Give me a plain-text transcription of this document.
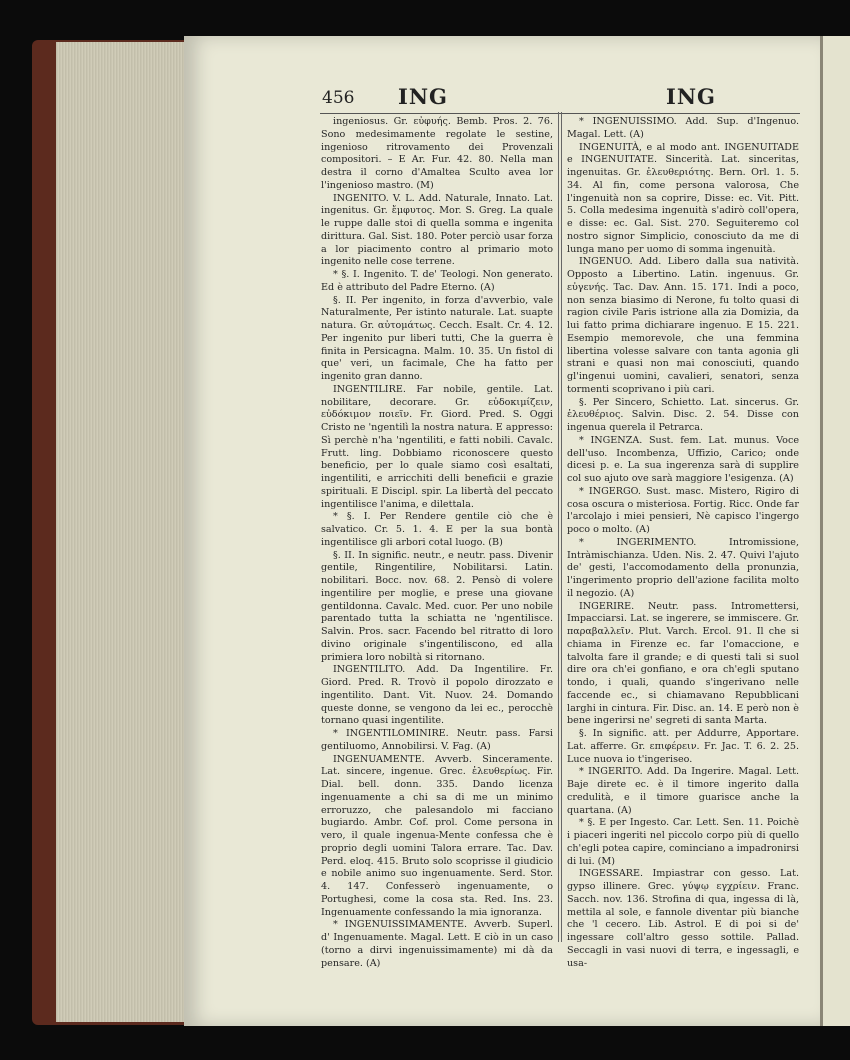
456 ING	ING

ingeniosus. Gr. εὐφυής. Bemb. Pros. 2. 76. Sono medesimamente regolate le sestine, ingenioso ritrovamento dei Provenzali compositori. – E Ar. Fur. 42. 80. Nella man destra il corno d'Amaltea Sculto avea lor l'ingenioso mastro. (M)

INGENITO. V. L. Add. Naturale, Innato. Lat. ingenitus. Gr. ἔμφυτος. Mor. S. Greg. La quale le ruppe dalle stoi di quella somma e ingenita dirittura. Gal. Sist. 180. Poter perciò usar forza a lor piacimento contro al primario moto ingenito nelle cose terrene.

* §. I. Ingenito. T. de' Teologi. Non generato. Ed è attributo del Padre Eterno. (A)

§. II. Per ingenito, in forza d'avverbio, vale Naturalmente, Per istinto naturale. Lat. suapte natura. Gr. αὐτομάτως. Cecch. Esalt. Cr. 4. 12. Per ingenito pur liberi tutti, Che la guerra è finita in Persicagna. Malm. 10. 35. Un fistol di que' veri, un facimale, Che ha fatto per ingenito gran danno.

INGENTILIRE. Far nobile, gentile. Lat. nobilitare, decorare. Gr. εὐδοκιμίζειν, εὐδόκιμον ποιεῖν. Fr. Giord. Pred. S. Oggi Cristo ne 'ngentilì la nostra natura. E appresso: Sì perchè n'ha 'ngentiliti, e fatti nobili. Cavalc. Frutt. ling. Dobbiamo riconoscere questo beneficio, per lo quale siamo così esaltati, ingentiliti, e arricchiti delli beneficii e grazie spirituali. E Discipl. spir. La libertà del peccato ingentilisce l'anima, e dilettala.

* §. I. Per Rendere gentile ciò che è salvatico. Cr. 5. 1. 4. E per la sua bontà ingentilisce gli arbori cotal luogo. (B)

§. II. In signific. neutr., e neutr. pass. Divenir gentile, Ringentilire, Nobilitarsi. Latin. nobilitari. Bocc. nov. 68. 2. Pensò di volere ingentilire per moglie, e prese una giovane gentildonna. Cavalc. Med. cuor. Per uno nobile parentado tutta la schiatta ne 'ngentilisce. Salvin. Pros. sacr. Facendo bel ritratto di loro divino originale s'ingentiliscono, ed alla primiera loro nobiltà si ritornano.

INGENTILITO. Add. Da Ingentilire. Fr. Giord. Pred. R. Trovò il popolo dirozzato e ingentilito. Dant. Vit. Nuov. 24. Domando queste donne, se vengono da lei ec., perocchè tornano quasi ingentilite.

* INGENTILOMINIRE. Neutr. pass. Farsi gentiluomo, Annobilirsi. V. Fag. (A)

INGENUAMENTE. Avverb. Sinceramente. Lat. sincere, ingenue. Grec. ἐλευθερίως. Fir. Dial. bell. donn. 335. Dando licenza ingenuamente a chi sa di me un minimo erroruzzo, che palesandolo mi facciano bugiardo. Ambr. Cof. prol. Come persona in vero, il quale ingenua-Mente confessa che è proprio degli uomini Talora errare. Tac. Dav. Perd. eloq. 415. Bruto solo scoprisse il giudicio e nobile animo suo ingenuamente. Serd. Stor. 4. 147. Confesserò ingenuamente, o Portughesi, come la cosa sta. Red. Ins. 23. Ingenuamente confessando la mia ignoranza.

* INGENUISSIMAMENTE. Avverb. Superl. d' Ingenuamente. Magal. Lett. E ciò in un caso (torno a dirvi ingenuissimamente) mi dà da pensare. (A)

* INGENUISSIMO. Add. Sup. d'Ingenuo. Magal. Lett. (A)

INGENUITÀ, e al modo ant. INGENUITADE e INGENUITATE. Sincerità. Lat. sinceritas, ingenuitas. Gr. ἐλευθεριότης. Bern. Orl. 1. 5. 34. Al fin, come persona valorosa, Che l'ingenuità non sa coprire, Disse: ec. Vit. Pitt. 5. Colla medesima ingenuità s'adirò coll'opera, e disse: ec. Gal. Sist. 270. Seguiteremo col nostro signor Simplicio, conosciuto da me di lunga mano per uomo di somma ingenuità.

INGENUO. Add. Libero dalla sua natività. Opposto a Libertino. Latin. ingenuus. Gr. εὐγενής. Tac. Dav. Ann. 15. 171. Indi a poco, non senza biasimo di Nerone, fu tolto quasi di ragion civile Paris istrione alla zia Domizia, da lui fatto prima dichiarare ingenuo. E 15. 221. Esempio memorevole, che una femmina libertina volesse salvare con tanta agonia gli strani e quasi non mai conosciuti, quando gl'ingenui uomini, cavalieri, senatori, senza tormenti scoprivano i più cari.

§. Per Sincero, Schietto. Lat. sincerus. Gr. ἐλευθέριος. Salvin. Disc. 2. 54. Disse con ingenua querela il Petrarca.

* INGENZA. Sust. fem. Lat. munus. Voce dell'uso. Incombenza, Uffizio, Carico; onde dicesi p. e. La sua ingerenza sarà di supplire col suo ajuto ove sarà maggiore l'esigenza. (A)

* INGERGO. Sust. masc. Mistero, Rigiro di cosa oscura o misteriosa. Fortig. Ricc. Onde far l'arcolajo i miei pensieri, Nè capisco l'ingergo poco o molto. (A)

* INGERIMENTO. Intromissione, Intràmischianza. Uden. Nis. 2. 47. Quivi l'ajuto de' gesti, l'accomodamento della pronunzia, l'ingerimento proprio dell'azione facilita molto il negozio. (A)

INGERIRE. Neutr. pass. Intromettersi, Impacciarsi. Lat. se ingerere, se immiscere. Gr. παραβαλλεῖν. Plut. Varch. Ercol. 91. Il che si chiama in Firenze ec. far l'omaccione, e talvolta fare il grande; e di questi tali si suol dire ora ch'ei gonfiano, e ora ch'egli sputano tondo, i quali, quando s'ingerivano nelle faccende ec., si chiamavano Repubblicani larghi in cintura. Fir. Disc. an. 14. E però non è bene ingerirsi ne' segreti di santa Marta.

§. In signific. att. per Addurre, Apportare. Lat. afferre. Gr. επιφέρειν. Fr. Jac. T. 6. 2. 25. Luce nuova io t'ingeriseo.

* INGERITO. Add. Da Ingerire. Magal. Lett. Baje direte ec. è il timore ingerito dalla credulità, e il timore guarisce anche la quartana. (A)

* §. E per Ingesto. Car. Lett. Sen. 11. Poichè i piaceri ingeriti nel piccolo corpo più di quello ch'egli potea capire, cominciano a impadronirsi di lui. (M)

INGESSARE. Impiastrar con gesso. Lat. gypso illinere. Grec. γύψῳ εγχρίειν. Franc. Sacch. nov. 136. Strofina di qua, ingessa di là, mettila al sole, e fannole diventar più bianche che 'l cecero. Lib. Astrol. E di poi si de' ingessare coll'altro gesso sottile. Pallad. Seccagli in vasi nuovi di terra, e ingessagli, e usa-
